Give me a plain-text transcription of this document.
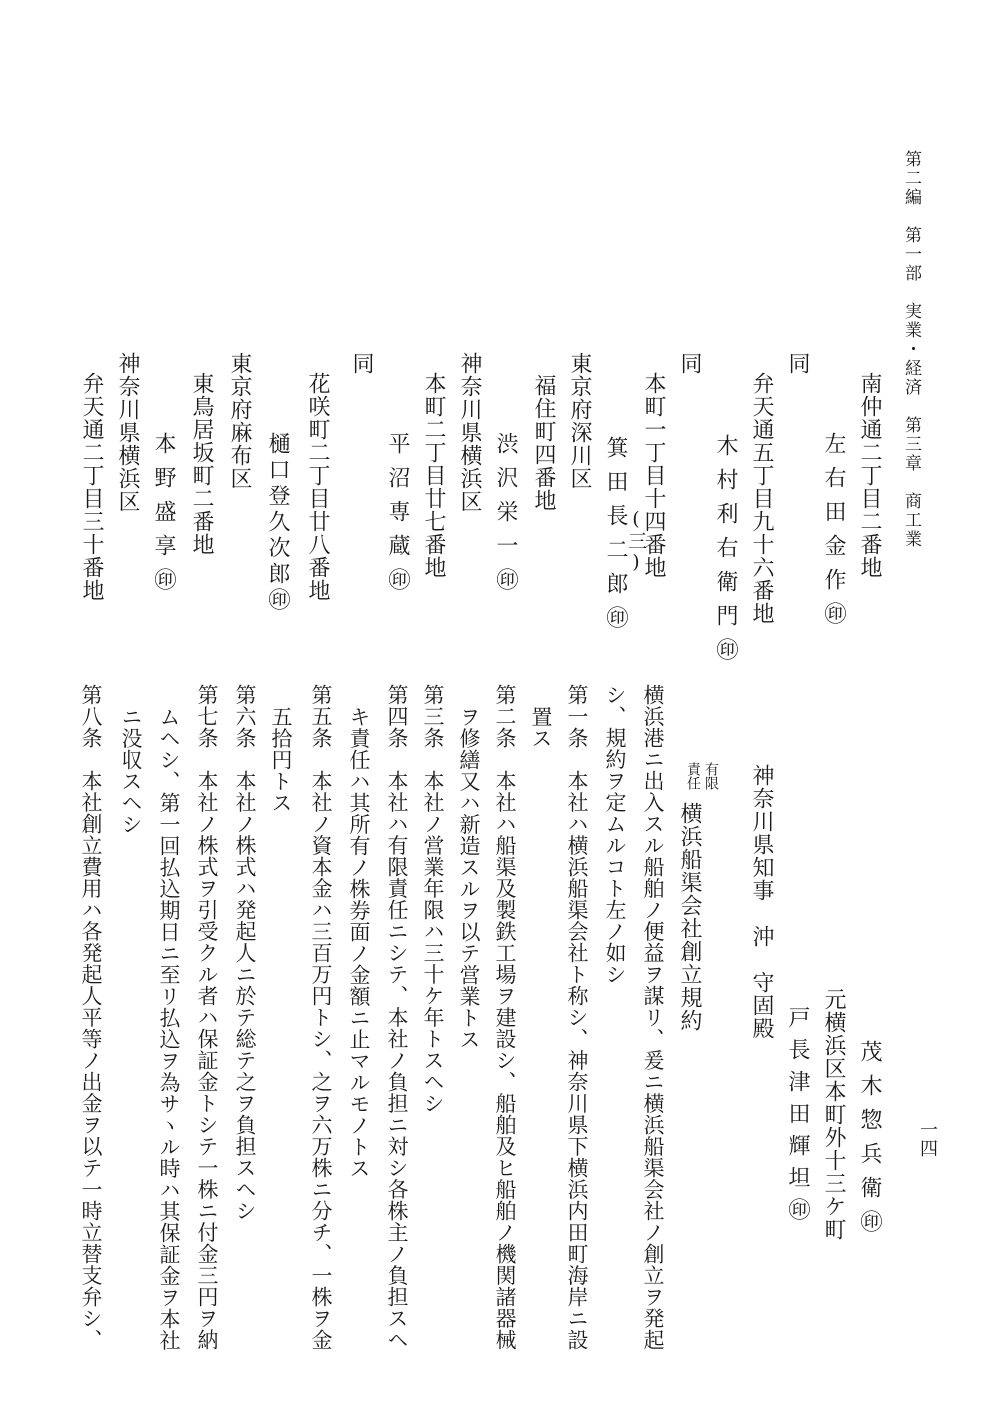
第二編　第一部　実業・経済　第三章　商工業

一四

南仲通二丁目二番地

左右田金作㊞

同

弁天通五丁目九十六番地

木村利右衛門㊞

同

本町一丁目十四番地

(三)

箕田長二郎㊞

東京府深川区

福住町四番地

渋沢栄一㊞

神奈川県横浜区

本町二丁目廿七番地

平沼専蔵㊞

同

花咲町二丁目廿八番地

樋口登久次郎㊞

東京府麻布区

東鳥居坂町二番地

本野盛享㊞

神奈川県横浜区

弁天通二丁目三十番地

茂木惣兵衛㊞

元横浜区本町外十三ケ町

戸長津田輝坦㊞

神奈川県知事　沖　守固殿

有限
責任

横浜船渠会社創立規約

横浜港ニ出入スル船舶ノ便益ヲ謀リ、爰ニ横浜船渠会社ノ創立ヲ発起

シ、規約ヲ定ムルコト左ノ如シ

第一条　本社ハ横浜船渠会社ト称シ、神奈川県下横浜内田町海岸ニ設

置ス

第二条　本社ハ船渠及製鉄工場ヲ建設シ、船舶及ヒ船舶ノ機関諸器械

ヲ修繕又ハ新造スルヲ以テ営業トス

第三条　本社ノ営業年限ハ三十ケ年トスヘシ

第四条　本社ハ有限責任ニシテ、本社ノ負担ニ対シ各株主ノ負担スヘ

キ責任ハ其所有ノ株券面ノ金額ニ止マルモノトス

第五条　本社ノ資本金ハ三百万円トシ、之ヲ六万株ニ分チ、一株ヲ金

五拾円トス

第六条　本社ノ株式ハ発起人ニ於テ総テ之ヲ負担スヘシ

第七条　本社ノ株式ヲ引受クル者ハ保証金トシテ一株ニ付金三円ヲ納

ムヘシ、第一回払込期日ニ至リ払込ヲ為サヽル時ハ其保証金ヲ本社

ニ没収スヘシ

第八条　本社創立費用ハ各発起人平等ノ出金ヲ以テ一時立替支弁シ、
